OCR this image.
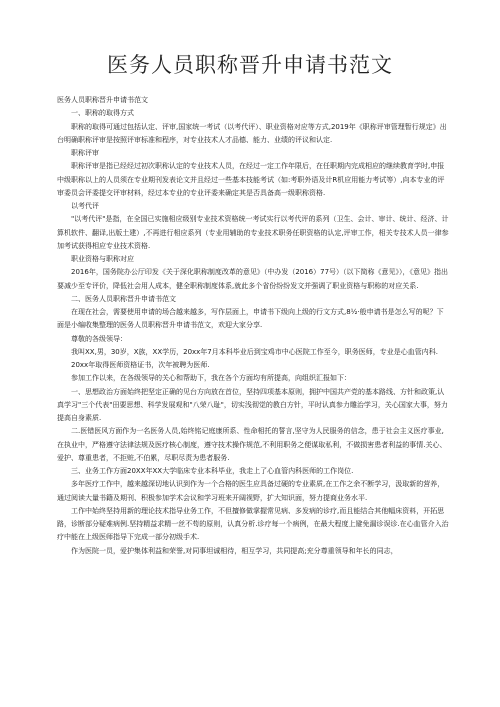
医务人员职称晋升申请书范文

医务人员职称晋升申请书范文

一、职称的取得方式

职称的取得可通过包括认定、评审,国家统一考试（以考代评）、职业资格对应等方式,2019年《职称评审管理暂行规定》出台明确职称评审是按照评审标准和程序，对专业技术人才品德、能力、业绩的评议和认定.

职称评审

职称评审是指已经经过初次职称认定的专业技术人员，在经过一定工作年限后，在任职期内完成相应的继续教育学时,申报中级职称以上的人员须在专业期刊发表论文并且经过一些基本技能考试（如:考职外语及计R机应用能力考试等）,向本专业的评审委员会评委提交评审材料，经过本专业的专业评委来确定其是否具备高一级职称资格.

以考代评

"以考代评"是指，在全国已实施相应级别专业技术资格统一考试实行以考代评的系列（卫生、会计、审计、统计、经济、计算机软件、翻译,出版土建）,不再进行相应系列（专业用辅助的专业技术职务任职资格的认定,评审工作，相关专技术人员一律参加考试获得相应专业技术资格.

职业资格与职称对应

2016年，国务院办公厅印发《关于深化职称制度改革的意见》（中办发（2016）77号）（以下简称《意见》），《意见》指出要减少至专评价，降低社会用人成本，健全职称制度体系,就此多个省份纷纷发文并强调了职业资格与职称的对应关系.

二、医务人员职称晋升申请书范文

在现在社会，需要使用申请的场合越来越多，写作层面上，申请书下级向上级的行文方式,8½·般申请书是怎么写的呢？下面是小编收集整理的医务人员职称晋升申请书范文，欢迎大家分享.

尊敬的各级领导：

我叫XX,男，30岁，X族，XX学历，20xx年7月本科毕业后到宝鸡市中心医院工作至今，职务医师，专业是心血管内科.

20xx年取得医师资格证书，次年被聘为医师.

参加工作以来，在各级领导的关心和帮助下，我在各个方面均有所提高，向组织汇报如下：

一、思想政治方面始终把坚定正确的见台方向放在首位，坚持四项基本原则，拥护中国共产党的基本路线、方针和政策,认真学习"三个代表"田要思想、科学发展观和"八荣八耻"，切实浅彻觉的教白方针，平时认真参力雕治学习，关心国家大事，努力提高自身素质.

二.医错医风方面作为一名医务人员,始终铭记庭康所系、性命相托的誓言,坚守为人民服务的信念，患于社会主义医疗事业,在执业中，严格遵守法律法规及医疗核心制度，遵守技术操作规范,不利用职务之便谋取私利，不做损害患者利益的事情.关心、爱护、尊重患者，不拒赃,不伯累，尽职尽责为患者服务.

三、业务工作方面20XX年XX大学临床专业本科毕业，我走上了心血管内科医师的工作岗位.

多年医疗工作中，越来越深切地认识到作为一个合格的医生应具备过硬的专业素质,在工作之余不断学习，汲取新的营养，通过阅读大量书籍及期刊、积极参加学术会议和学习班来开阔视野，扩大知识面，努力提商业务水平.

工作中始终坚持用新的理论技术指导业务工作，不但擅修做掌握常见病、多发病的诊疗,而且能结合其他幅床资料，开拓思路，诊断部分疑难病例.坚持精益求精一丝不苟的原则，认真分析.诊疗每一个病例，在最大程度上避免漏诊误诊.在心血管介入治疗中能在上级医师指导下完成一部分初级手术.

作为医院一员，爱护集体利益和荣誉,对同事坦诚相待，相互学习，共同提高;充分尊重领导和年长的同志，
